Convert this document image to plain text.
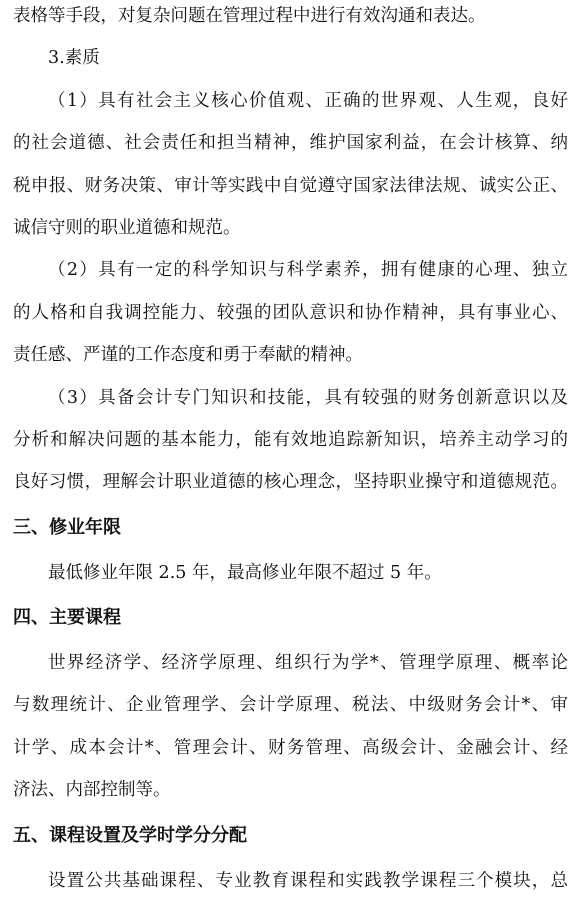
表格等手段，对复杂问题在管理过程中进行有效沟通和表达。
3.素质
（1）具有社会主义核心价值观、正确的世界观、人生观，良好
的社会道德、社会责任和担当精神，维护国家利益，在会计核算、纳
税申报、财务决策、审计等实践中自觉遵守国家法律法规、诚实公正、
诚信守则的职业道德和规范。
（2）具有一定的科学知识与科学素养，拥有健康的心理、独立
的人格和自我调控能力、较强的团队意识和协作精神，具有事业心、
责任感、严谨的工作态度和勇于奉献的精神。
（3）具备会计专门知识和技能，具有较强的财务创新意识以及
分析和解决问题的基本能力，能有效地追踪新知识，培养主动学习的
良好习惯，理解会计职业道德的核心理念，坚持职业操守和道德规范。
三、修业年限
最低修业年限 2.5 年，最高修业年限不超过 5 年。
四、主要课程
世界经济学、经济学原理、组织行为学*、管理学原理、概率论
与数理统计、企业管理学、会计学原理、税法、中级财务会计*、审
计学、成本会计*、管理会计、财务管理、高级会计、金融会计、经
济法、内部控制等。
五、课程设置及学时学分分配
设置公共基础课程、专业教育课程和实践教学课程三个模块，总
